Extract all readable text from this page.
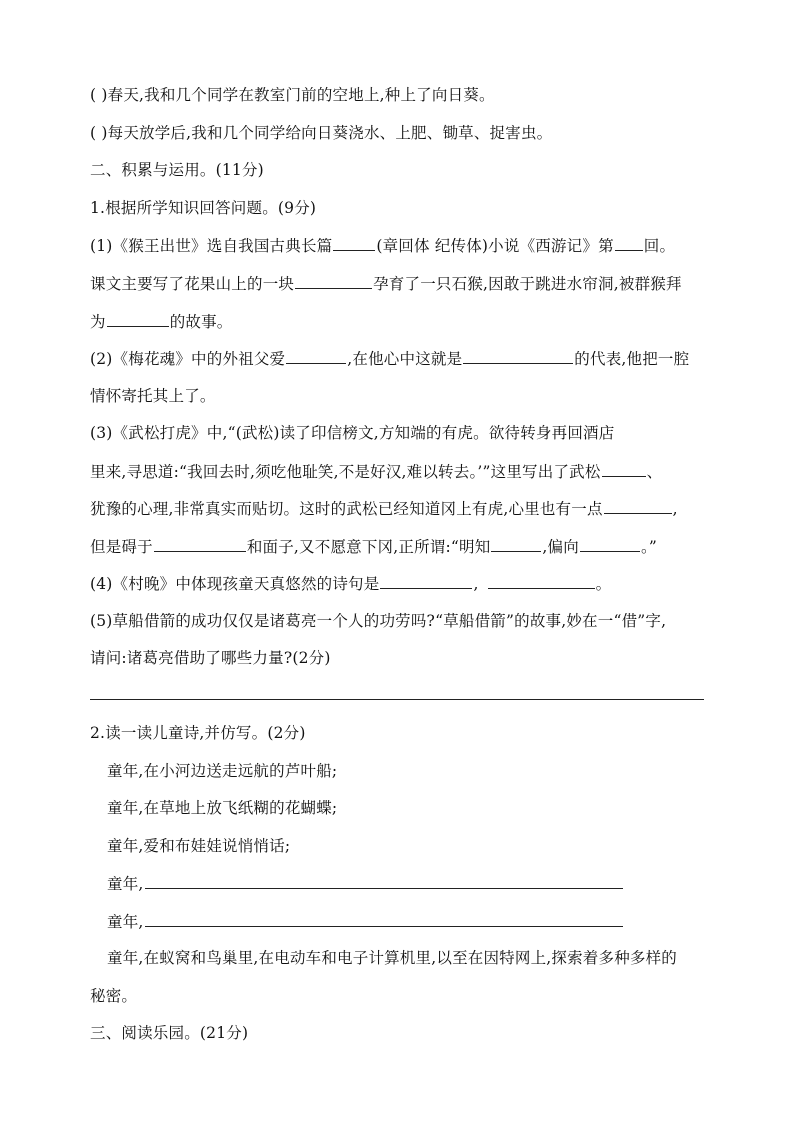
( )春天,我和几个同学在教室门前的空地上,种上了向日葵。
( )每天放学后,我和几个同学给向日葵浇水、上肥、锄草、捉害虫。
二、积累与运用。(11分)
1.根据所学知识回答问题。(9分)
(1)《猴王出世》选自我国古典长篇	(章回体 纪传体)小说《西游记》第 回。
课文主要写了花果山上的一块	孕育了一只石猴,因敢于跳进水帘洞,被群猴拜
为	的故事。
(2)《梅花魂》中的外祖父爱	,在他心中这就是	的代表,他把一腔
情怀寄托其上了。
(3)《武松打虎》中,“(武松)读了印信榜文,方知端的有虎。欲待转身再回酒店
里来,寻思道:“我回去时,须吃他耻笑,不是好汉,难以转去。’”这里写出了武松	、
犹豫的心理,非常真实而贴切。这时的武松已经知道冈上有虎,心里也有一点	,
但是碍于	和面子,又不愿意下冈,正所谓:“明知	,偏向	。”
(4)《村晚》中体现孩童天真悠然的诗句是	,	。
(5)草船借箭的成功仅仅是诸葛亮一个人的功劳吗?“草船借箭”的故事,妙在一“借”字,
请问:诸葛亮借助了哪些力量?(2分)
2.读一读儿童诗,并仿写。(2分)
童年,在小河边送走远航的芦叶船;
童年,在草地上放飞纸糊的花蝴蝶;
童年,爱和布娃娃说悄悄话;
童年,
童年,
童年,在蚁窝和鸟巢里,在电动车和电子计算机里,以至在因特网上,探索着多种多样的
秘密。
三、阅读乐园。(21分)
